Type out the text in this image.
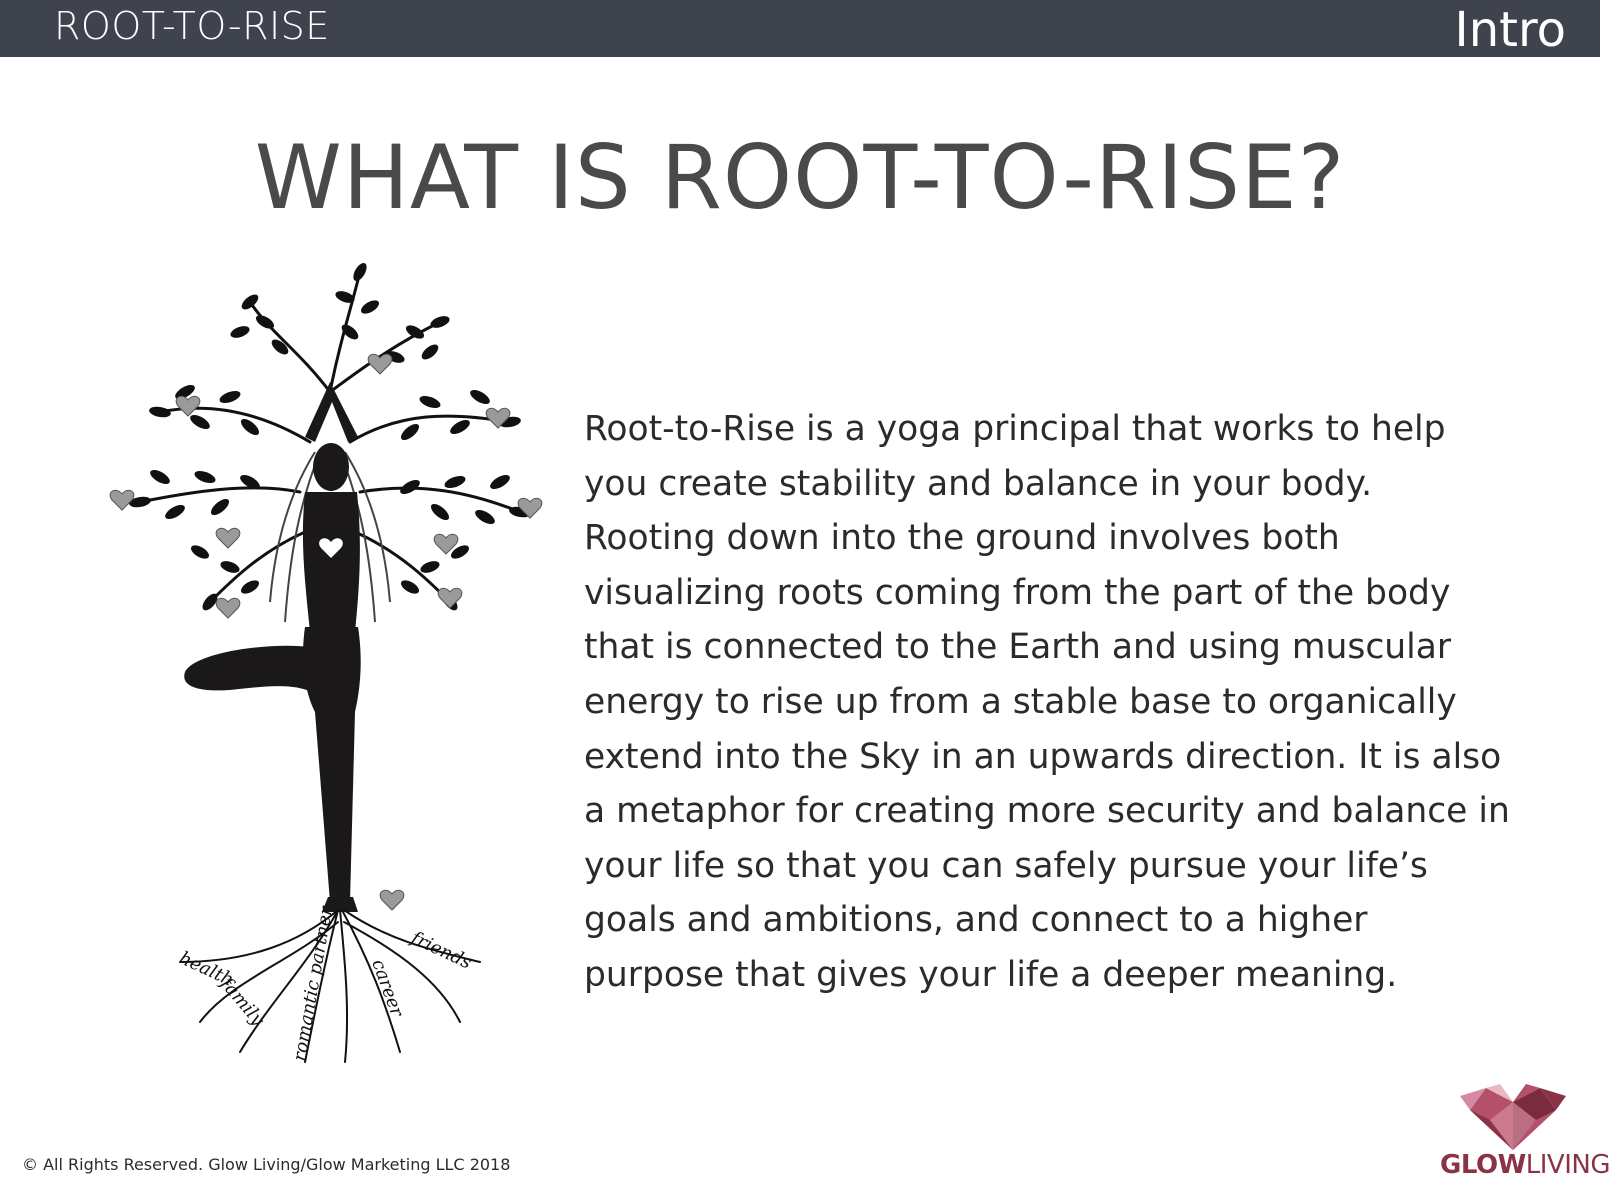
ROOT-TO-RISE	Intro
WHAT IS ROOT-TO-RISE?
health
family romantic partner career
friends

Root-to-Rise is a yoga principal that works to help you create stability and balance in your body. Rooting down into the ground involves both visualizing roots coming from the part of the body that is connected to the Earth and using muscular energy to rise up from a stable base to organically extend into the Sky in an upwards direction. It is also a metaphor for creating more security and balance in your life so that you can safely pursue your life’s goals and ambitions, and connect to a higher purpose that gives your life a deeper meaning.

© All Rights Reserved. Glow Living/Glow Marketing LLC 2018	GLOWLIVING
